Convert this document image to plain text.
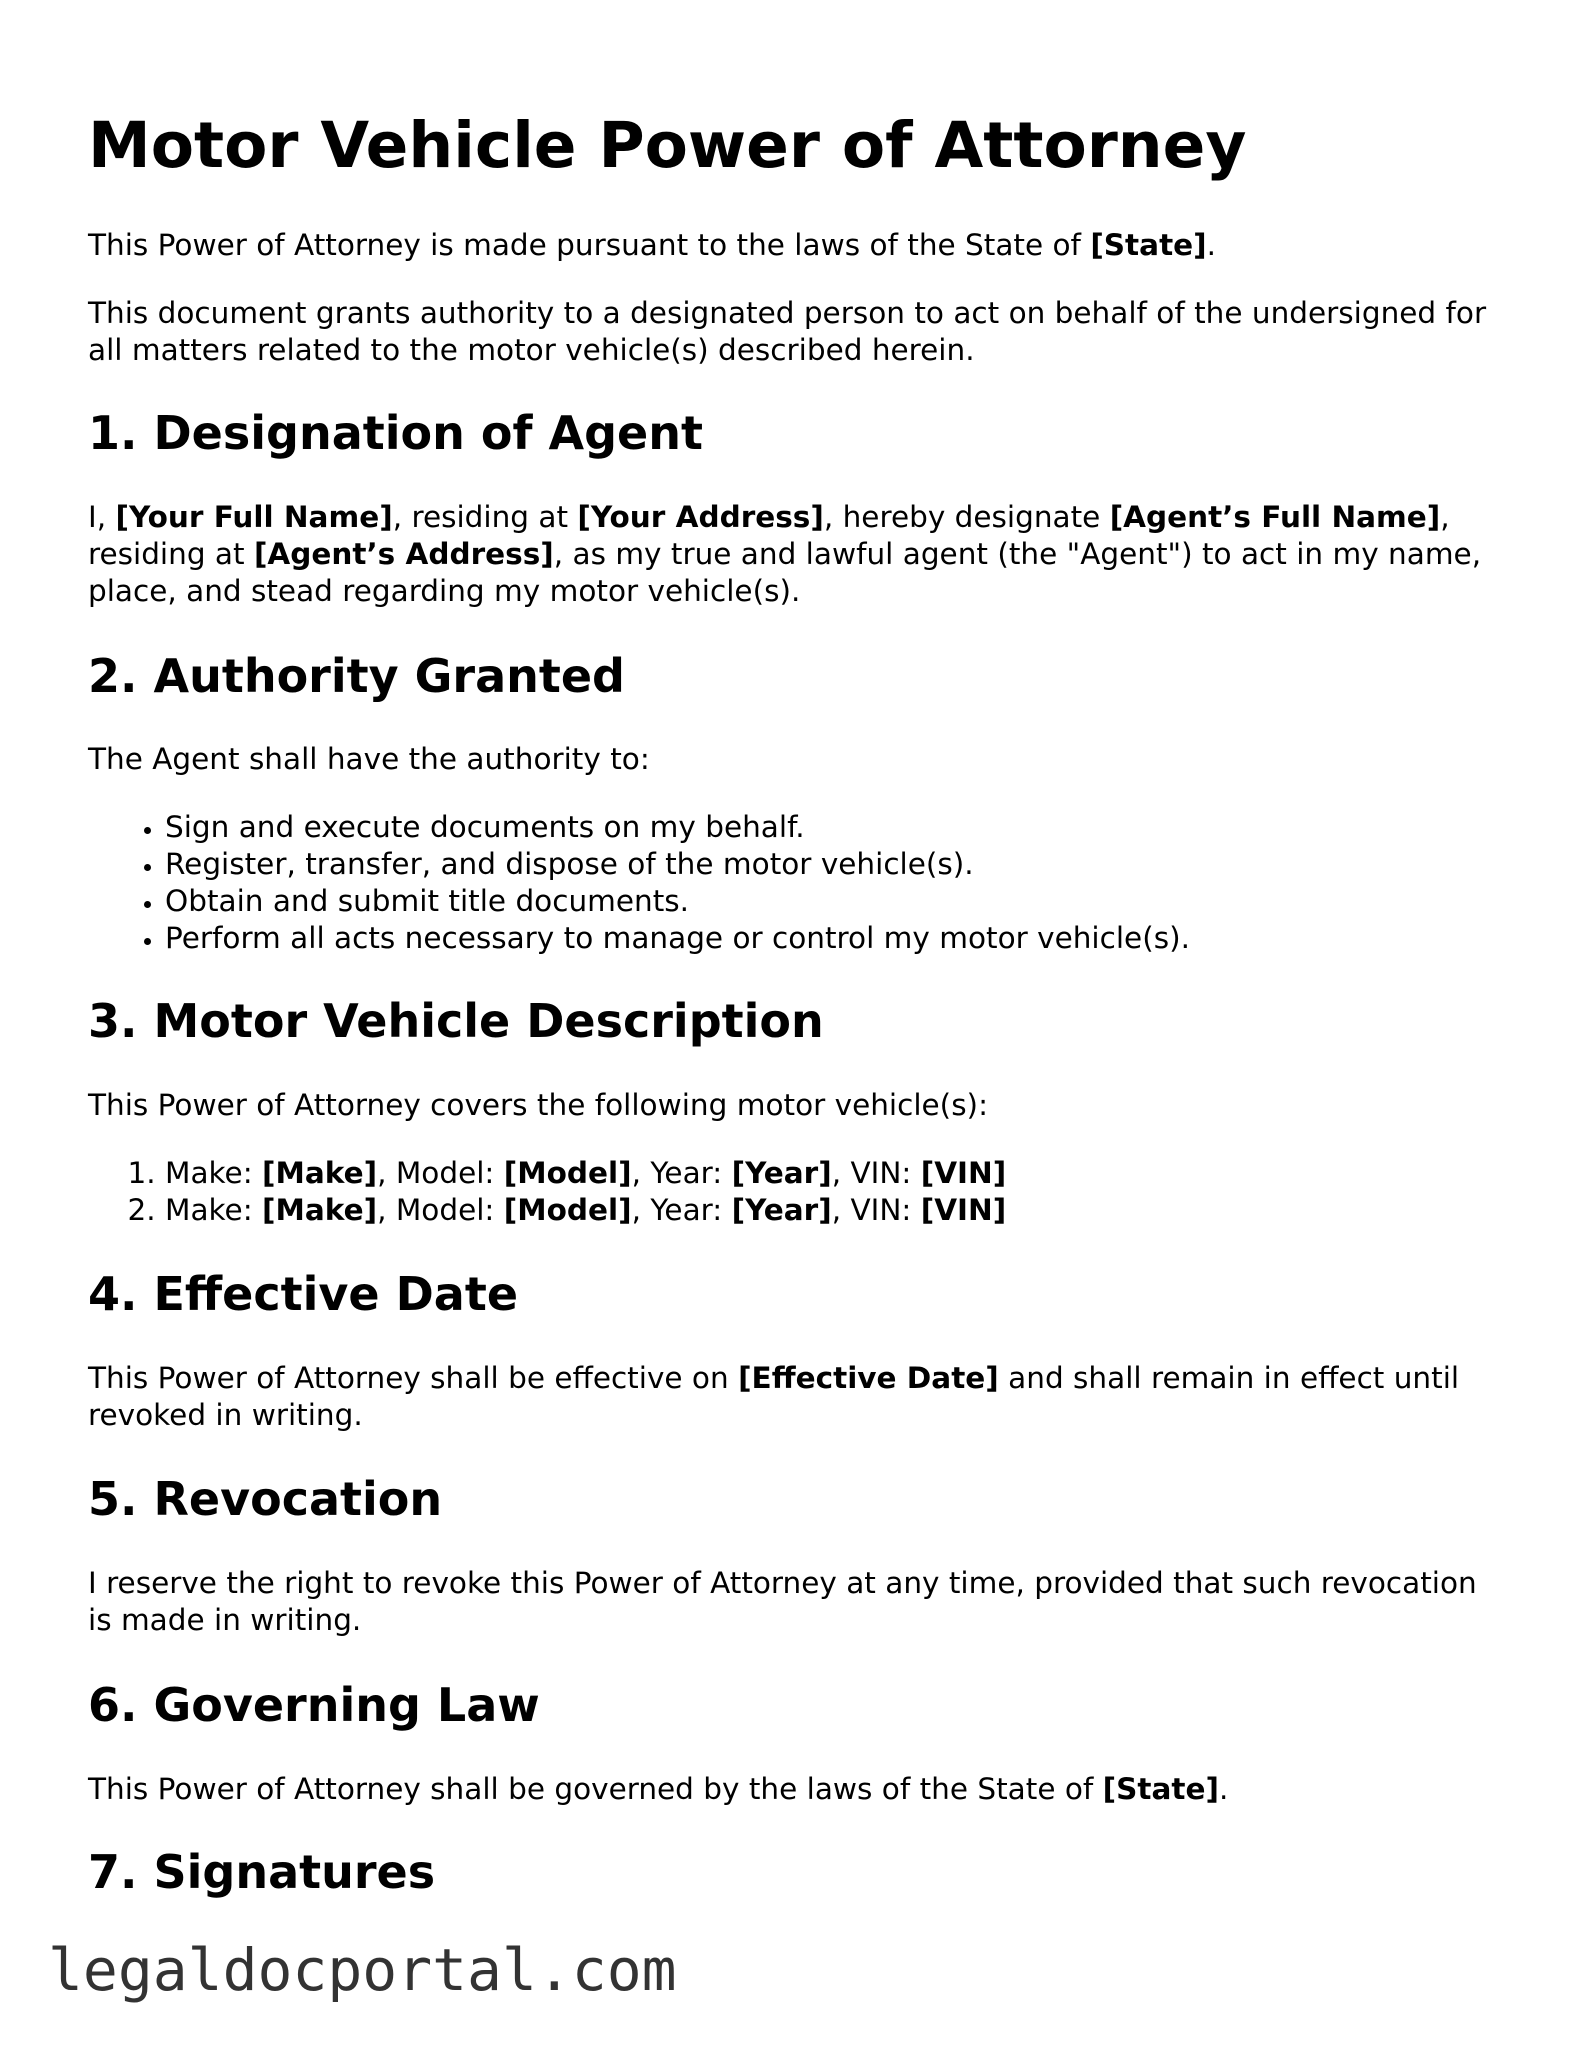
Motor Vehicle Power of Attorney

This Power of Attorney is made pursuant to the laws of the State of [State].

This document grants authority to a designated person to act on behalf of the undersigned for all matters related to the motor vehicle(s) described herein.

1. Designation of Agent

I, [Your Full Name], residing at [Your Address], hereby designate [Agent’s Full Name], residing at [Agent’s Address], as my true and lawful agent (the "Agent") to act in my name, place, and stead regarding my motor vehicle(s).

2. Authority Granted

The Agent shall have the authority to:

• Sign and execute documents on my behalf.
• Register, transfer, and dispose of the motor vehicle(s).
• Obtain and submit title documents.
• Perform all acts necessary to manage or control my motor vehicle(s).
3. Motor Vehicle Description

This Power of Attorney covers the following motor vehicle(s):

1. Make: [Make], Model: [Model], Year: [Year], VIN: [VIN]
2. Make: [Make], Model: [Model], Year: [Year], VIN: [VIN]
4. Effective Date

This Power of Attorney shall be effective on [Effective Date] and shall remain in effect until revoked in writing.

5. Revocation

I reserve the right to revoke this Power of Attorney at any time, provided that such revocation is made in writing.

6. Governing Law

This Power of Attorney shall be governed by the laws of the State of [State].

7. Signatures
legaldocportal.com
